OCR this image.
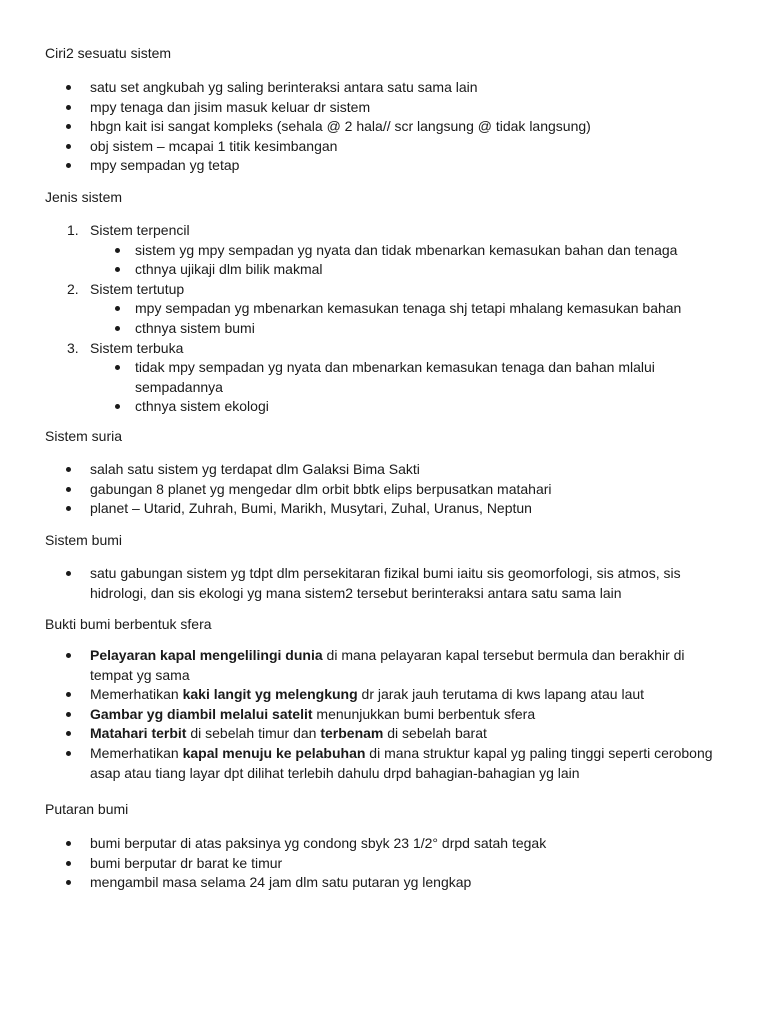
Ciri2 sesuatu sistem

satu set angkubah yg saling berinteraksi antara satu sama lain
mpy tenaga dan jisim masuk keluar dr sistem
hbgn kait isi sangat kompleks (sehala @ 2 hala// scr langsung @ tidak langsung)
obj sistem – mcapai 1 titik kesimbangan
mpy sempadan yg tetap

Jenis sistem

1. Sistem terpencil
sistem yg mpy sempadan yg nyata dan tidak mbenarkan kemasukan bahan dan tenaga
cthnya ujikaji dlm bilik makmal
2. Sistem tertutup
mpy sempadan yg mbenarkan kemasukan tenaga shj tetapi mhalang kemasukan bahan
cthnya sistem bumi
3. Sistem terbuka
tidak mpy sempadan yg nyata dan mbenarkan kemasukan tenaga dan bahan mlalui sempadannya
cthnya sistem ekologi

Sistem suria

salah satu sistem yg terdapat dlm Galaksi Bima Sakti
gabungan 8 planet yg mengedar dlm orbit bbtk elips berpusatkan matahari
planet – Utarid, Zuhrah, Bumi, Marikh, Musytari, Zuhal, Uranus, Neptun

Sistem bumi

satu gabungan sistem yg tdpt dlm persekitaran fizikal bumi iaitu sis geomorfologi, sis atmos, sis hidrologi, dan sis ekologi yg mana sistem2 tersebut berinteraksi antara satu sama lain

Bukti bumi berbentuk sfera

Pelayaran kapal mengelilingi dunia di mana pelayaran kapal tersebut bermula dan berakhir di tempat yg sama
Memerhatikan kaki langit yg melengkung dr jarak jauh terutama di kws lapang atau laut
Gambar yg diambil melalui satelit menunjukkan bumi berbentuk sfera
Matahari terbit di sebelah timur dan terbenam di sebelah barat
Memerhatikan kapal menuju ke pelabuhan di mana struktur kapal yg paling tinggi seperti cerobong asap atau tiang layar dpt dilihat terlebih dahulu drpd bahagian-bahagian yg lain

Putaran bumi

bumi berputar di atas paksinya yg condong sbyk 23 1/2° drpd satah tegak
bumi berputar dr barat ke timur
mengambil masa selama 24 jam dlm satu putaran yg lengkap
